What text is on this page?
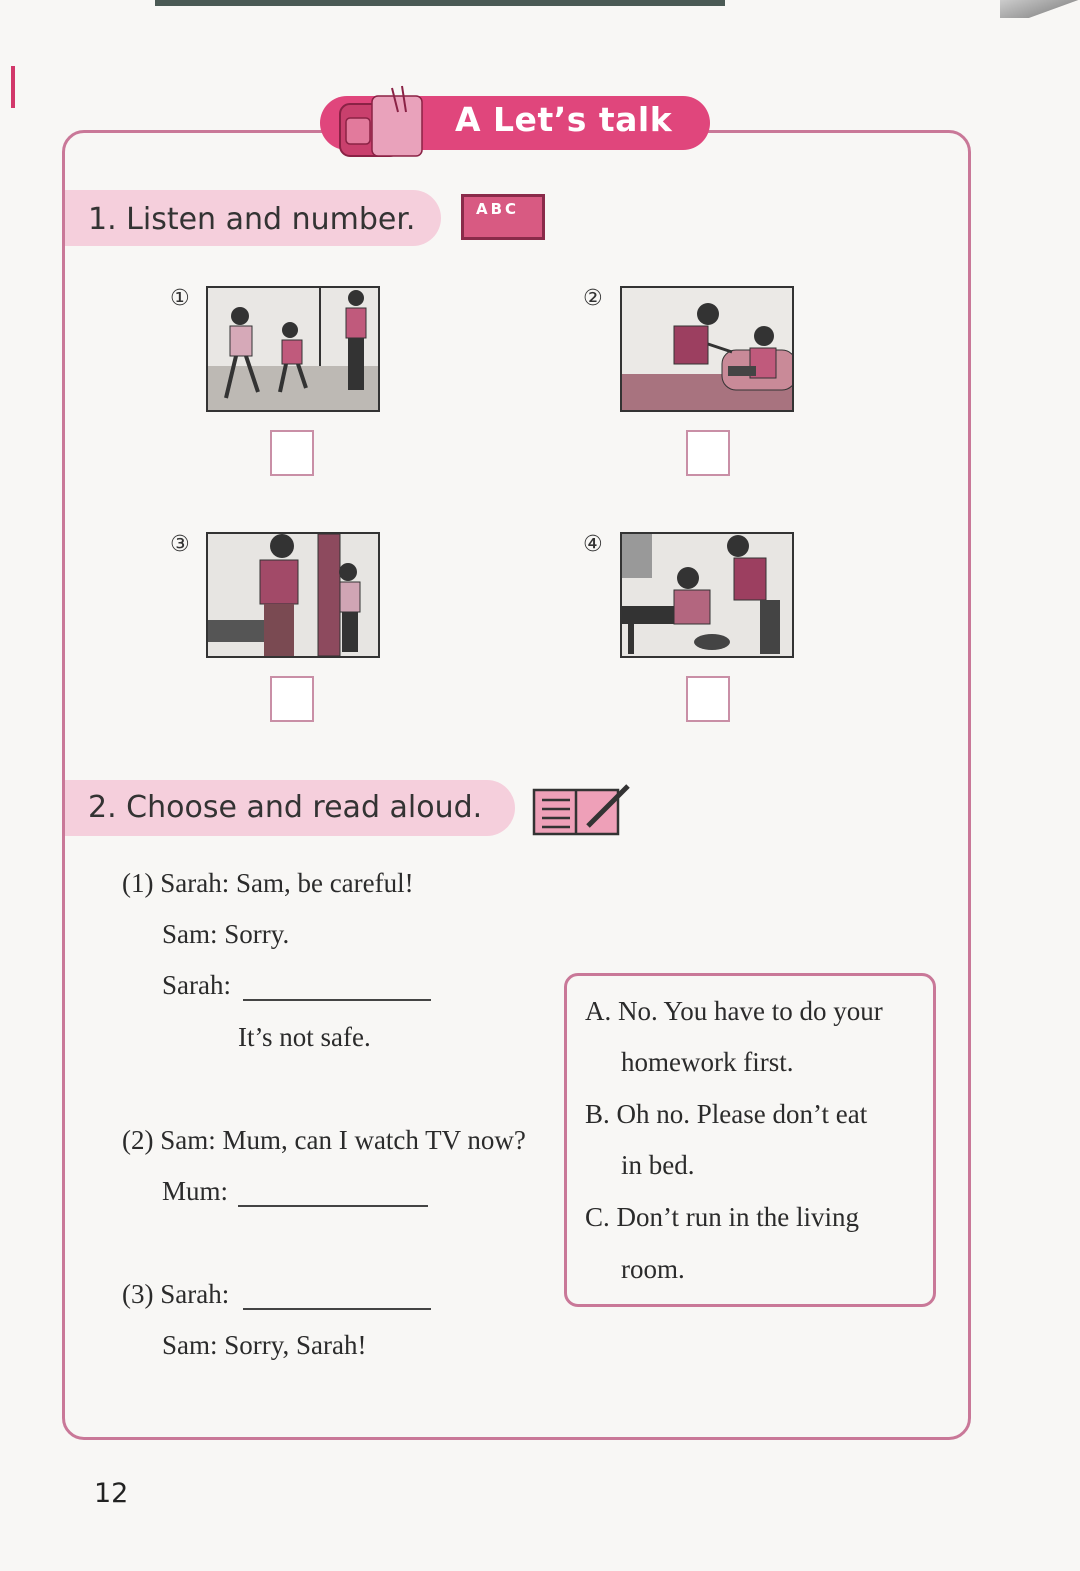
A Let’s talk
1. Listen and number.	ABC
①	②
③	④
2. Choose and read aloud.
(1) Sarah: Sam, be careful!
Sam: Sorry.
Sarah:
It’s not safe.
(2) Sam: Mum, can I watch TV now?
Mum:
(3) Sarah:
Sam: Sorry, Sarah!
A. No. You have to do your
homework first.
B. Oh no. Please don’t eat
in bed.
C. Don’t run in the living
room.
12
